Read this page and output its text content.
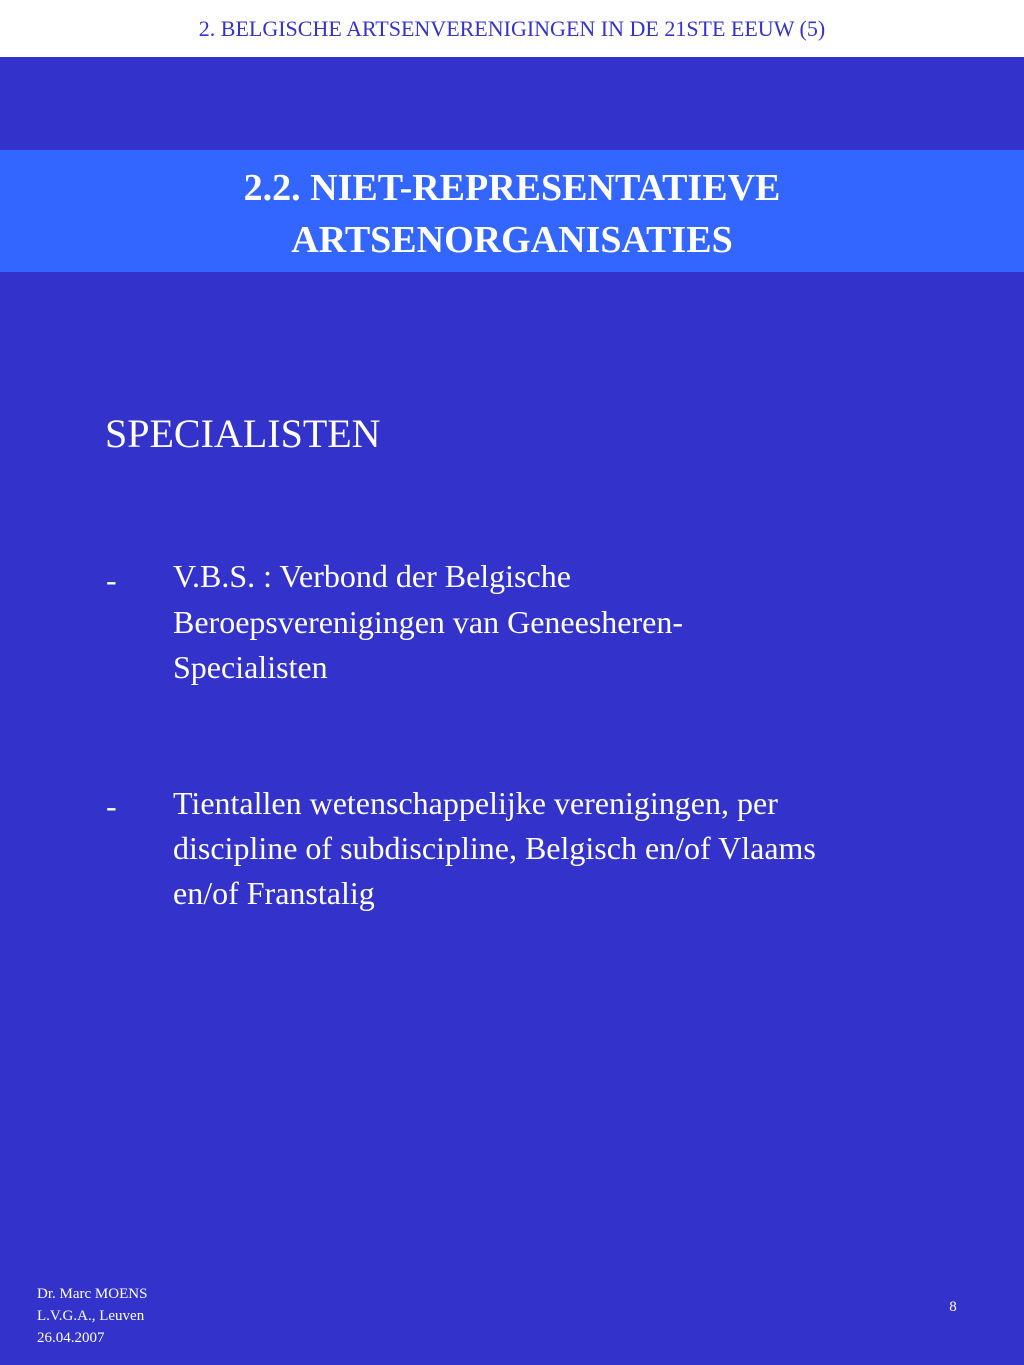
2. BELGISCHE ARTSENVERENIGINGEN IN DE 21STE EEUW (5)
2.2. NIET-REPRESENTATIEVE
ARTSENORGANISATIES
SPECIALISTEN
- V.B.S. : Verbond der Belgische
Beroepsverenigingen van Geneesheren-
Specialisten
- Tientallen wetenschappelijke verenigingen, per
discipline of subdiscipline, Belgisch en/of Vlaams
en/of Franstalig
Dr. Marc MOENS
L.V.G.A., Leuven
26.04.2007
8
